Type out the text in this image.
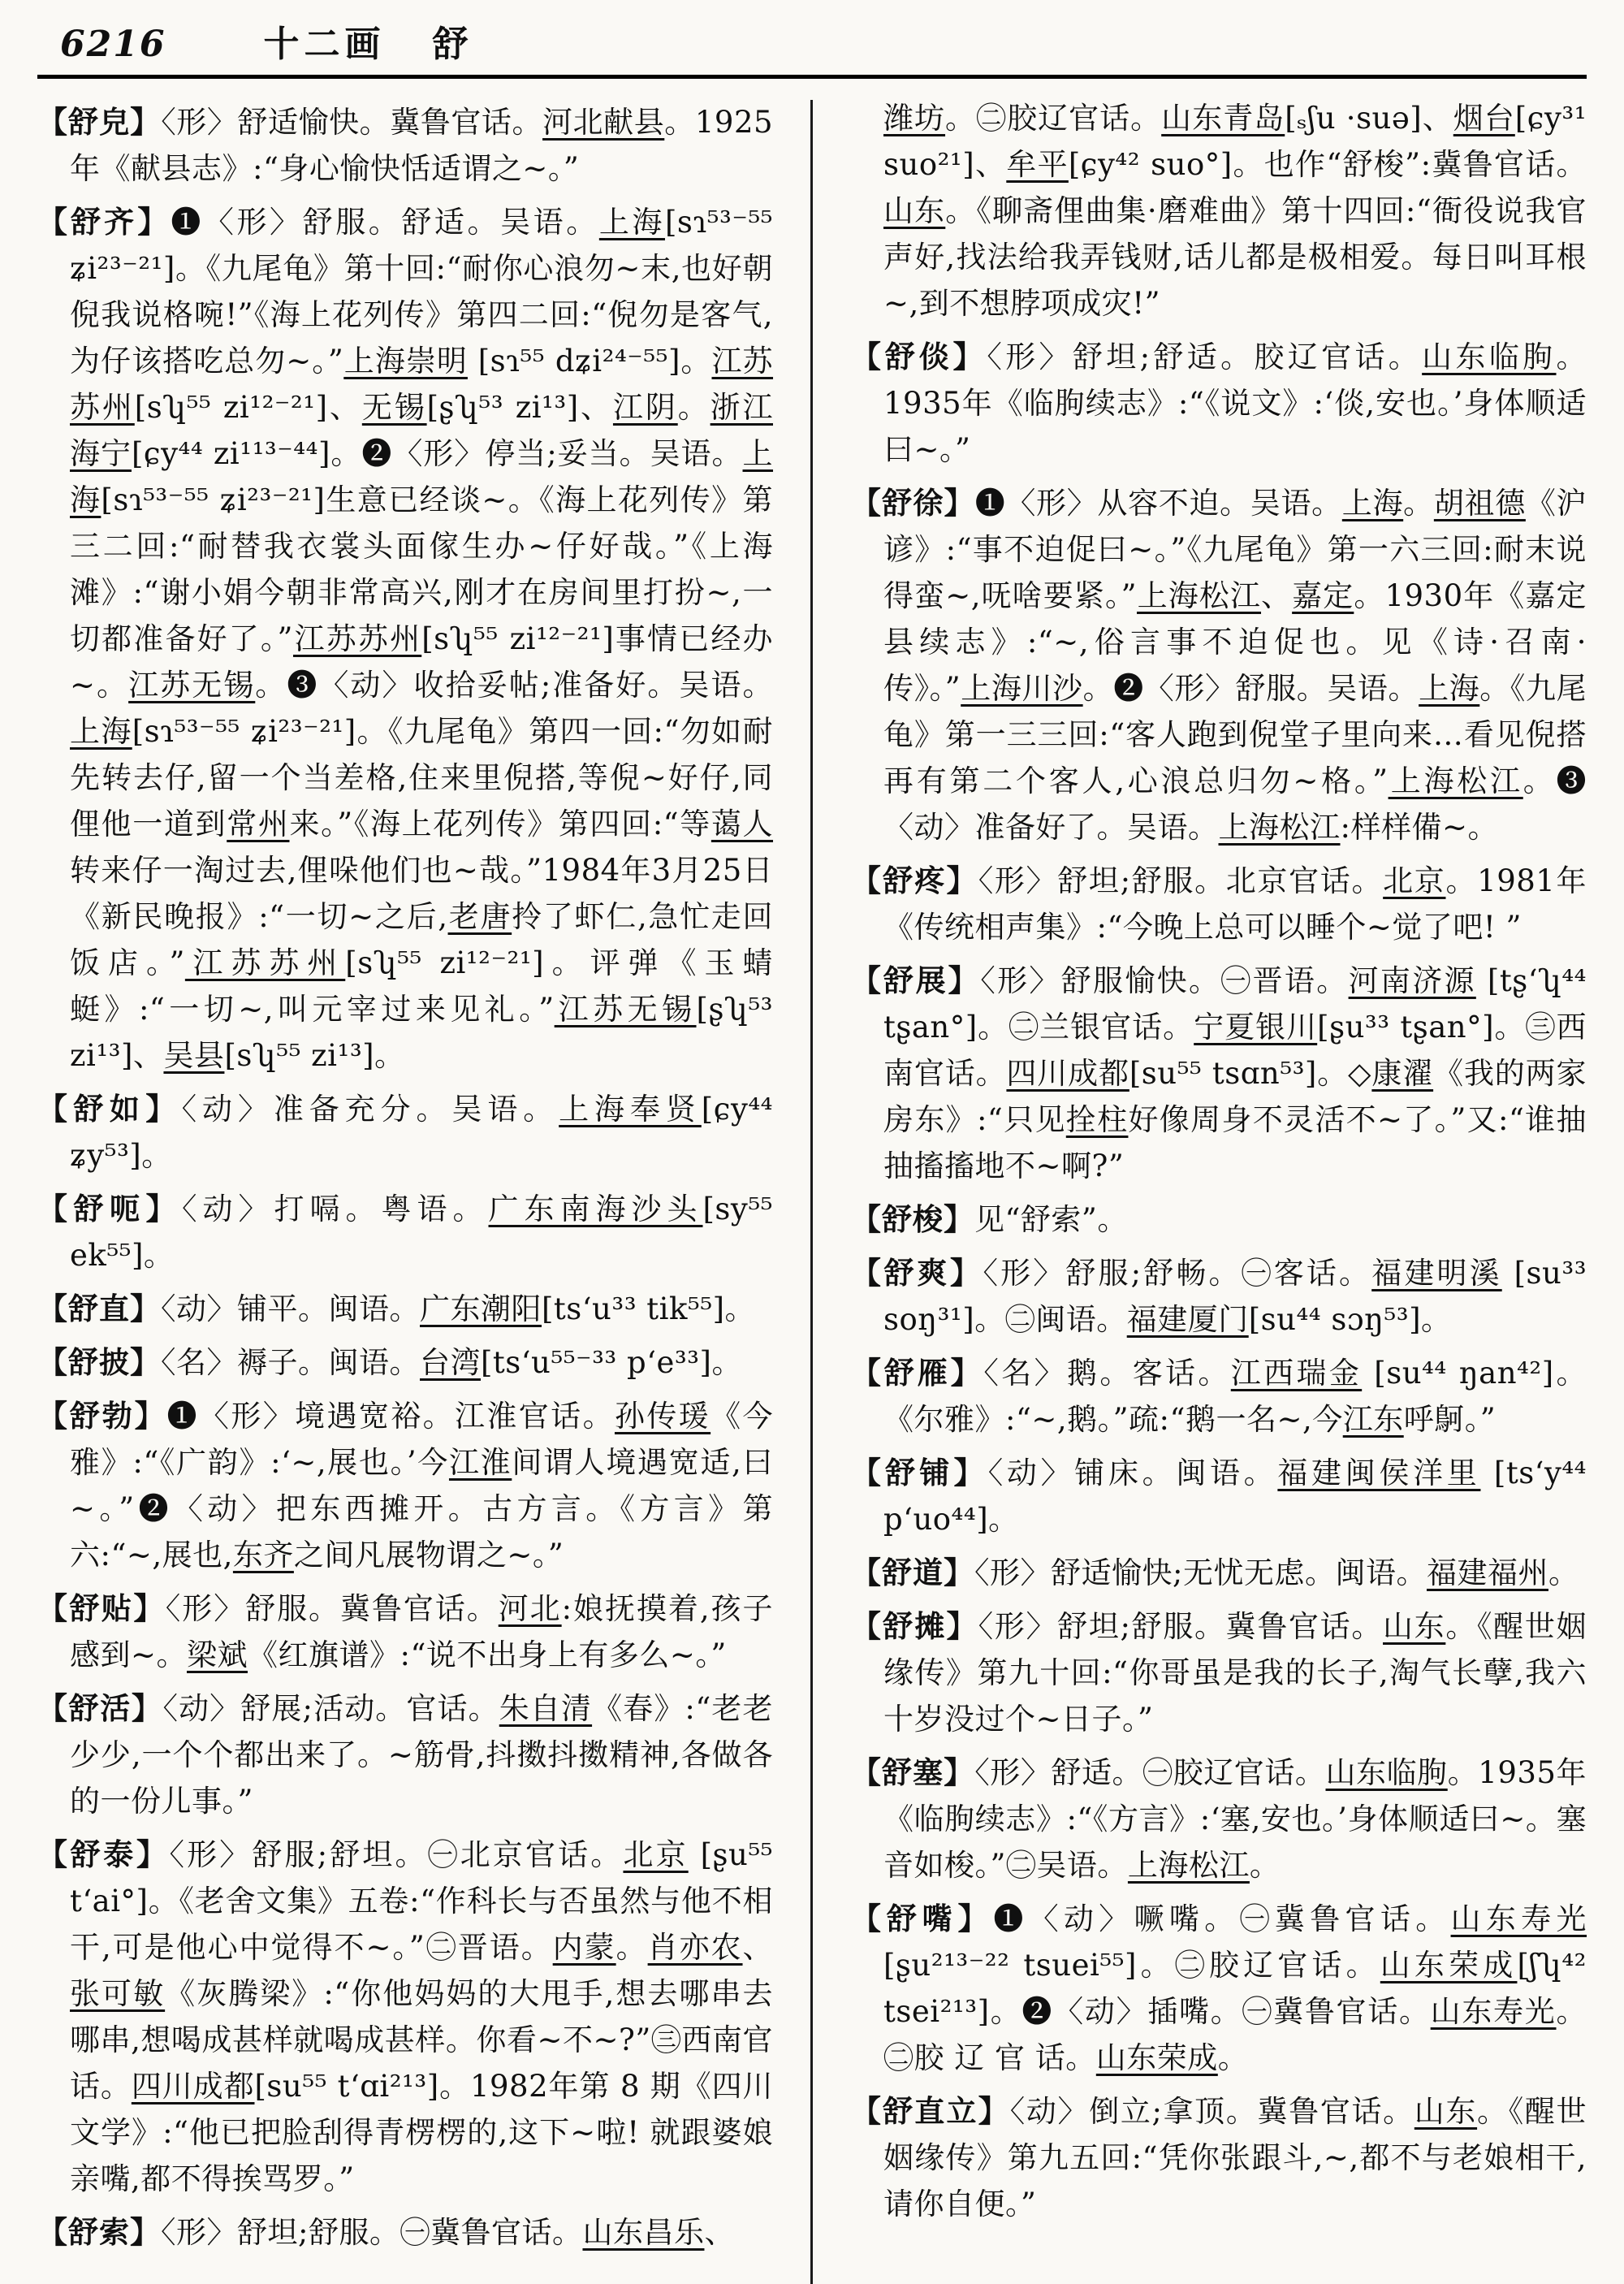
6216	十二画 舒
【舒皃】〈形〉舒适愉快。冀鲁官话。河北献县。1925年《献县志》:“身心愉快恬适谓之~。”
【舒齐】❶〈形〉舒服。舒适。吴语。上海[sɿ⁵³⁻⁵⁵ ʑi²³⁻²¹]。《九尾龟》第十回:“耐你心浪勿~末,也好朝倪我说格啘!”《海上花列传》第四二回:“倪勿是客气,为仔该搭吃总勿~。”上海崇明 [sɿ⁵⁵ dʑi²⁴⁻⁵⁵]。江苏苏州[sʮ⁵⁵ zi¹²⁻²¹]、无锡[ʂʮ⁵³ zi¹³]、江阴。浙江海宁[ɕy⁴⁴ zi¹¹³⁻⁴⁴]。❷〈形〉停当;妥当。吴语。上海[sɿ⁵³⁻⁵⁵ ʑi²³⁻²¹]生意已经谈~。《海上花列传》第三二回:“耐替我衣裳头面傢生办~仔好哉。”《上海滩》:“谢小娟今朝非常高兴,刚才在房间里打扮~,一切都准备好了。”江苏苏州[sʮ⁵⁵ zi¹²⁻²¹]事情已经办~。江苏无锡。❸〈动〉收拾妥帖;准备好。吴语。上海[sɿ⁵³⁻⁵⁵ ʑi²³⁻²¹]。《九尾龟》第四一回:“勿如耐先转去仔,留一个当差格,住来里倪搭,等倪~好仔,同俚他一道到常州来。”《海上花列传》第四回:“等蔼人转来仔一淘过去,俚哚他们也~哉。”1984年3月25日《新民晚报》:“一切~之后,老唐拎了虾仁,急忙走回饭店。”江苏苏州[sʮ⁵⁵ zi¹²⁻²¹]。评弹《玉蜻蜓》:“一切~,叫元宰过来见礼。”江苏无锡[ʂʮ⁵³ zi¹³]、吴县[sʮ⁵⁵ zi¹³]。
【舒如】〈动〉准备充分。吴语。上海奉贤[ɕy⁴⁴ ʑy⁵³]。
【舒呃】〈动〉打嗝。粤语。广东南海沙头[sy⁵⁵ ek⁵⁵]。
【舒直】〈动〉铺平。闽语。广东潮阳[tsʻu³³ tik⁵⁵]。
【舒披】〈名〉褥子。闽语。台湾[tsʻu⁵⁵⁻³³ pʻe³³]。
【舒勃】❶〈形〉境遇宽裕。江淮官话。孙传瑗《今雅》:“《广韵》:‘~,展也。’今江淮间谓人境遇宽适,曰~。”❷〈动〉把东西摊开。古方言。《方言》第六:“~,展也,东齐之间凡展物谓之~。”
【舒贴】〈形〉舒服。冀鲁官话。河北:娘抚摸着,孩子感到~。梁斌《红旗谱》:“说不出身上有多么~。”
【舒活】〈动〉舒展;活动。官话。朱自清《春》:“老老少少,一个个都出来了。~筋骨,抖擞抖擞精神,各做各的一份儿事。”
【舒泰】〈形〉舒服;舒坦。㊀北京官话。北京 [ʂu⁵⁵ tʻai°]。《老舍文集》五卷:“作科长与否虽然与他不相干,可是他心中觉得不~。”㊁晋语。内蒙。肖亦农、张可敏《灰腾梁》:“你他妈妈的大甩手,想去哪串去哪串,想喝成甚样就喝成甚样。你看~不~?”㊂西南官话。四川成都[su⁵⁵ tʻɑi²¹³]。1982年第 8 期《四川文学》:“他已把脸刮得青楞楞的,这下~啦! 就跟婆娘亲嘴,都不得挨骂罗。”
【舒索】〈形〉舒坦;舒服。㊀冀鲁官话。山东昌乐、
潍坊。㊁胶辽官话。山东青岛[ₛʃu ·suə]、烟台[ɕy³¹ suo²¹]、牟平[ɕy⁴² suo°]。也作“舒梭”:冀鲁官话。山东。《聊斋俚曲集·磨难曲》第十四回:“衙役说我官声好,找法给我弄钱财,话儿都是极相爱。每日叫耳根~,到不想脖项成灾!”
【舒倓】〈形〉舒坦;舒适。胶辽官话。山东临朐。1935年《临朐续志》:“《说文》:‘倓,安也。’身体顺适曰~。”
【舒徐】❶〈形〉从容不迫。吴语。上海。胡祖德《沪谚》:“事不迫促曰~。”《九尾龟》第一六三回:耐末说得蛮~,呒啥要紧。”上海松江、嘉定。1930年《嘉定县续志》:“~,俗言事不迫促也。见《诗·召南·传》。”上海川沙。❷〈形〉舒服。吴语。上海。《九尾龟》第一三三回:“客人跑到倪堂子里向来…看见倪搭再有第二个客人,心浪总归勿~格。”上海松江。❸〈动〉准备好了。吴语。上海松江:样样備~。
【舒疼】〈形〉舒坦;舒服。北京官话。北京。1981年《传统相声集》:“今晚上总可以睡个~觉了吧! ”
【舒展】〈形〉舒服愉快。㊀晋语。河南济源 [tʂʻʮ⁴⁴ tʂan°]。㊁兰银官话。宁夏银川[ʂu³³ tʂan°]。㊂西南官话。四川成都[su⁵⁵ tsɑn⁵³]。◇康濯《我的两家房东》:“只见拴柱好像周身不灵活不~了。”又:“谁抽抽搐搐地不~啊?”
【舒梭】见“舒索”。
【舒爽】〈形〉舒服;舒畅。㊀客话。福建明溪 [su³³ soŋ³¹]。㊁闽语。福建厦门[su⁴⁴ sɔŋ⁵³]。
【舒雁】〈名〉鹅。客话。江西瑞金 [su⁴⁴ ŋan⁴²]。《尔雅》:“~,鹅。”疏:“鹅一名~,今江东呼鴚。”
【舒铺】〈动〉铺床。闽语。福建闽侯洋里 [tsʻy⁴⁴ pʻuo⁴⁴]。
【舒道】〈形〉舒适愉快;无忧无虑。闽语。福建福州。
【舒摊】〈形〉舒坦;舒服。冀鲁官话。山东。《醒世姻缘传》第九十回:“你哥虽是我的长子,淘气长孽,我六十岁没过个~日子。”
【舒塞】〈形〉舒适。㊀胶辽官话。山东临朐。1935年《临朐续志》:“《方言》:‘塞,安也。’身体顺适曰~。塞音如梭。”㊁吴语。上海松江。
【舒嘴】❶〈动〉噘嘴。㊀冀鲁官话。山东寿光[ʂu²¹³⁻²² tsuei⁵⁵]。㊁胶辽官话。山东荣成[ʃʮ⁴² tsei²¹³]。❷〈动〉插嘴。㊀冀鲁官话。山东寿光。㊁胶 辽 官 话。山东荣成。
【舒直立】〈动〉倒立;拿顶。冀鲁官话。山东。《醒世姻缘传》第九五回:“凭你张跟斗,~,都不与老娘相干,请你自便。”
